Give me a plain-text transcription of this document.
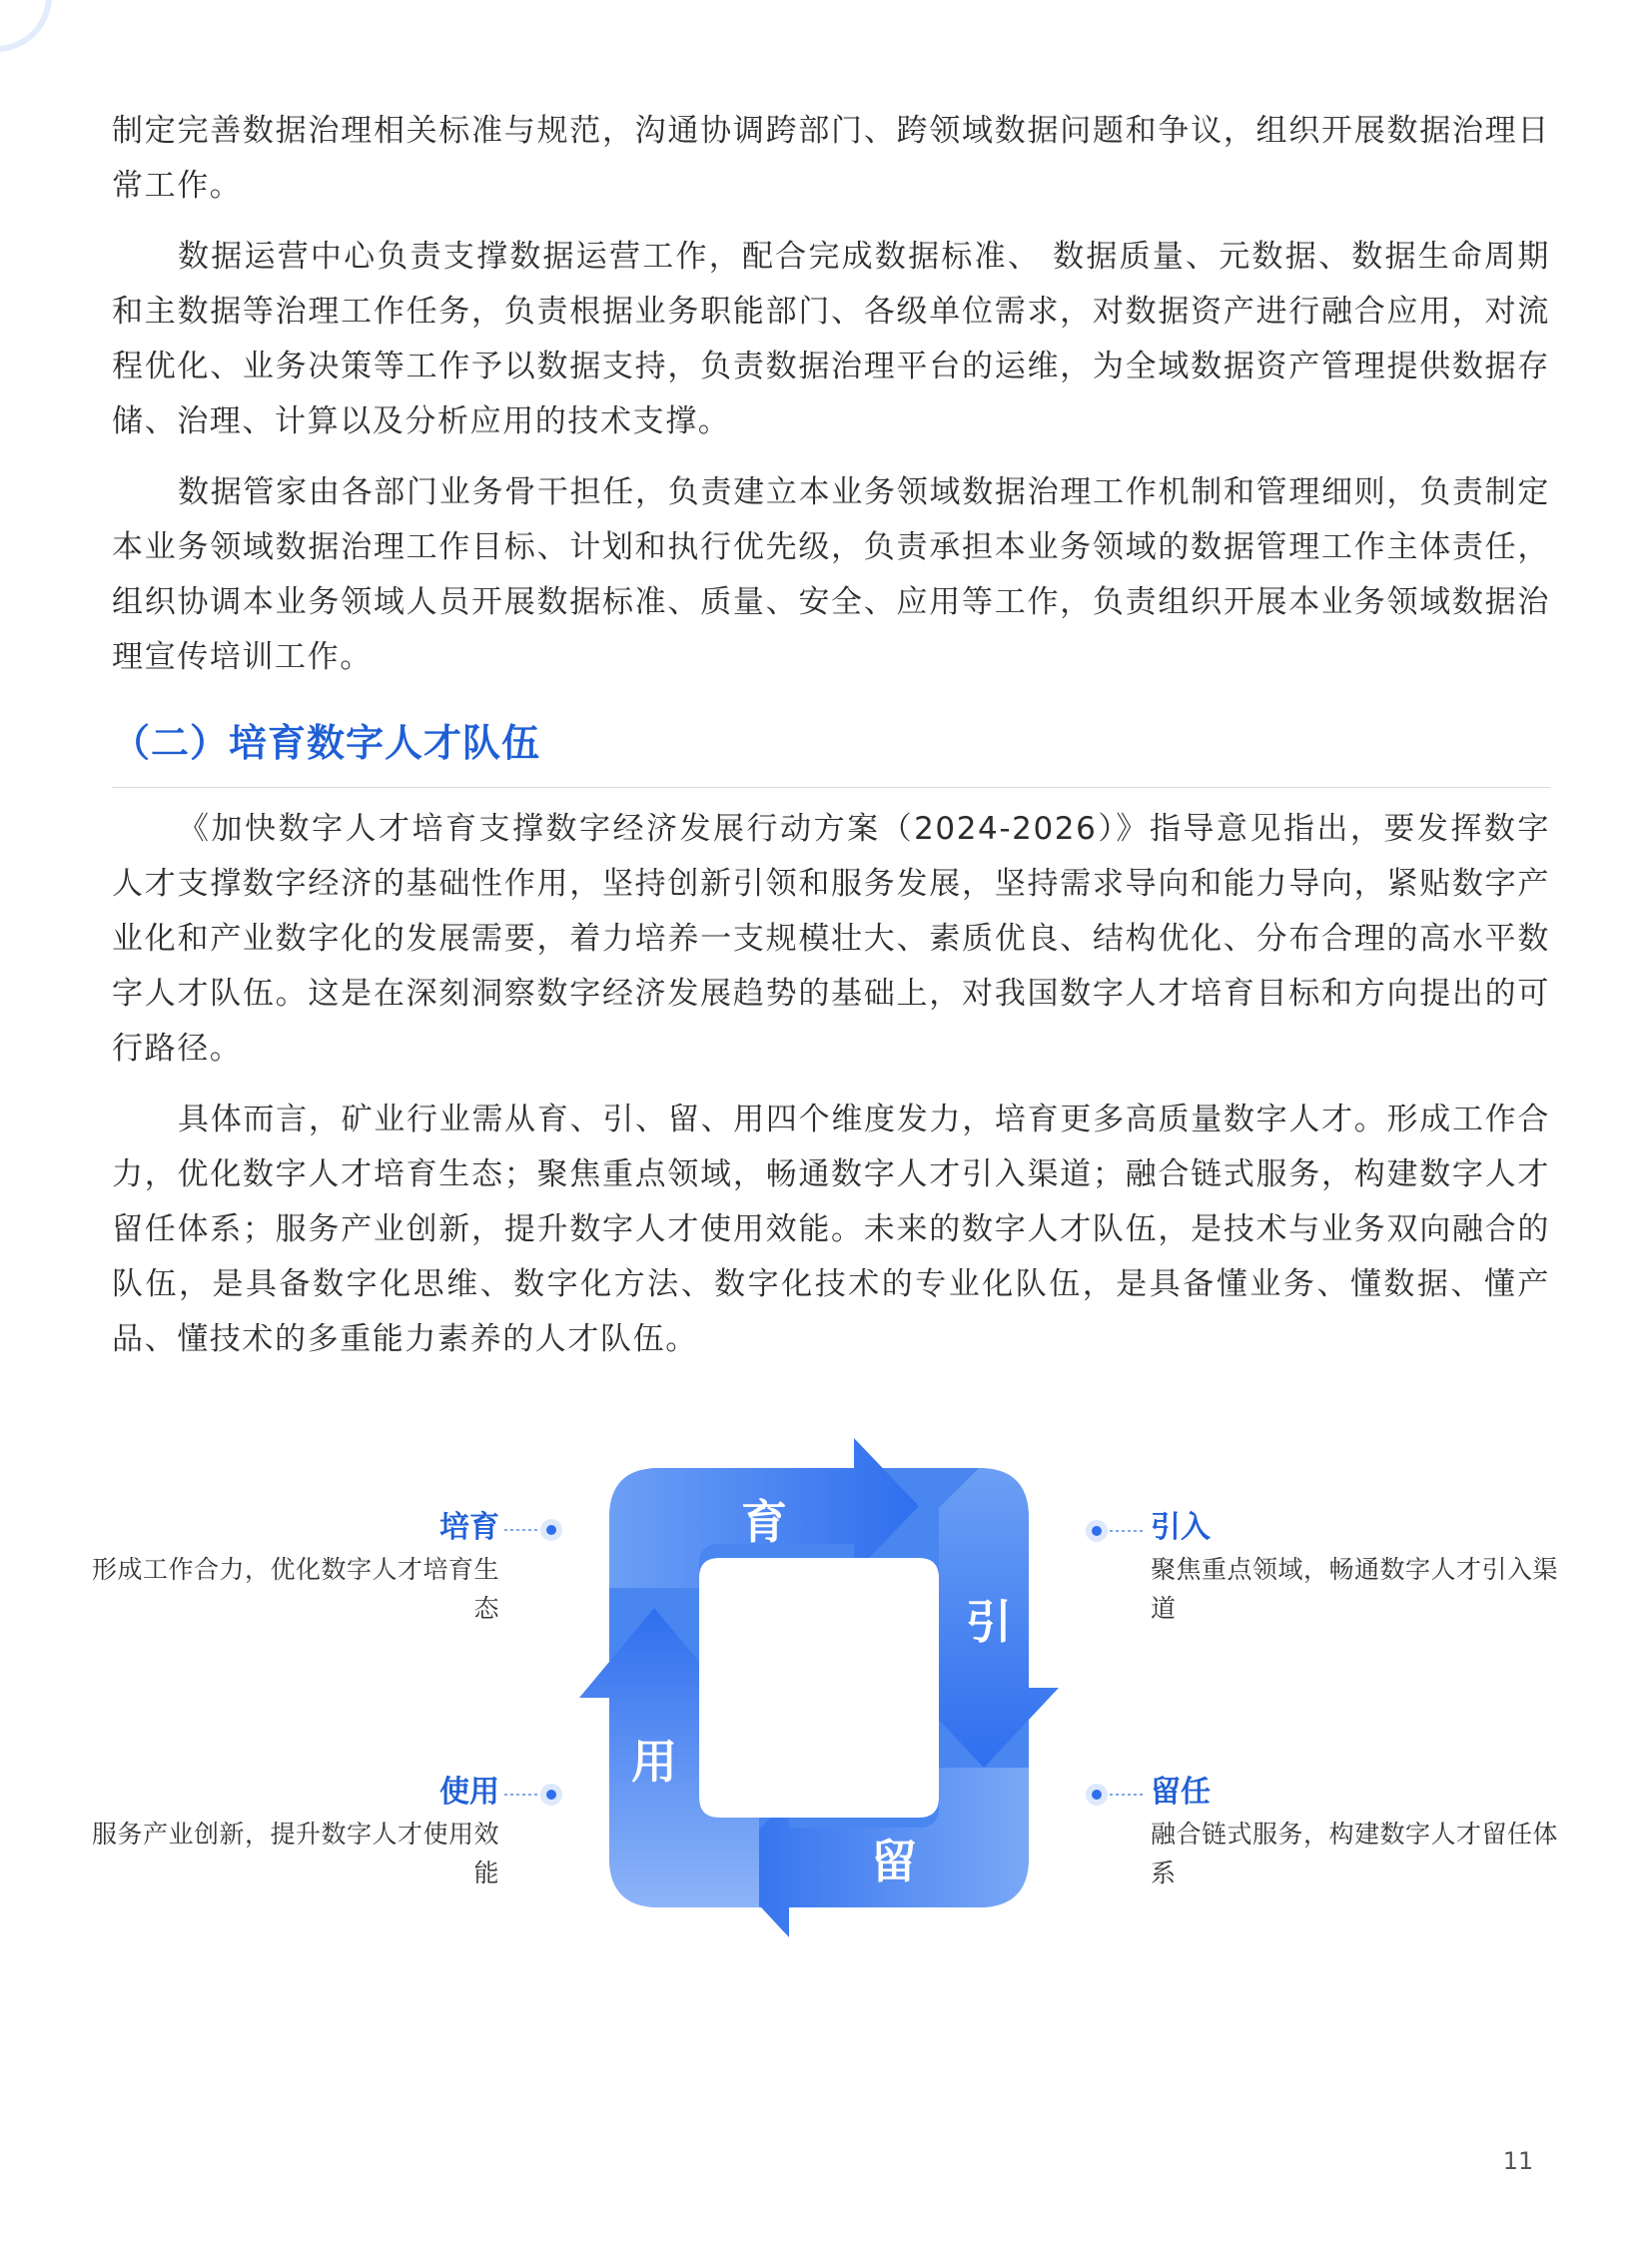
制定完善数据治理相关标准与规范，沟通协调跨部门、跨领域数据问题和争议，组织开展数据治理日常工作。

数据运营中心负责支撑数据运营工作，配合完成数据标准、 数据质量、元数据、数据生命周期和主数据等治理工作任务，负责根据业务职能部门、各级单位需求，对数据资产进行融合应用，对流程优化、业务决策等工作予以数据支持，负责数据治理平台的运维，为全域数据资产管理提供数据存储、治理、计算以及分析应用的技术支撑。

数据管家由各部门业务骨干担任，负责建立本业务领域数据治理工作机制和管理细则，负责制定本业务领域数据治理工作目标、计划和执行优先级，负责承担本业务领域的数据管理工作主体责任，组织协调本业务领域人员开展数据标准、质量、安全、应用等工作，负责组织开展本业务领域数据治理宣传培训工作。

（二）培育数字人才队伍

《加快数字人才培育支撑数字经济发展行动方案（2024-2026）》指导意见指出，要发挥数字人才支撑数字经济的基础性作用，坚持创新引领和服务发展，坚持需求导向和能力导向，紧贴数字产业化和产业数字化的发展需要，着力培养一支规模壮大、素质优良、结构优化、分布合理的高水平数字人才队伍。这是在深刻洞察数字经济发展趋势的基础上，对我国数字人才培育目标和方向提出的可行路径。

具体而言，矿业行业需从育、引、留、用四个维度发力，培育更多高质量数字人才。形成工作合力，优化数字人才培育生态；聚焦重点领域，畅通数字人才引入渠道；融合链式服务，构建数字人才留任体系；服务产业创新，提升数字人才使用效能。未来的数字人才队伍，是技术与业务双向融合的队伍，是具备数字化思维、数字化方法、数字化技术的专业化队伍，是具备懂业务、懂数据、懂产品、懂技术的多重能力素养的人才队伍。

育
引
留
用
培育
形成工作合力，优化数字人才培育生态
引入
聚焦重点领域，畅通数字人才引入渠道
使用
服务产业创新，提升数字人才使用效能
留任
融合链式服务，构建数字人才留任体系
11
